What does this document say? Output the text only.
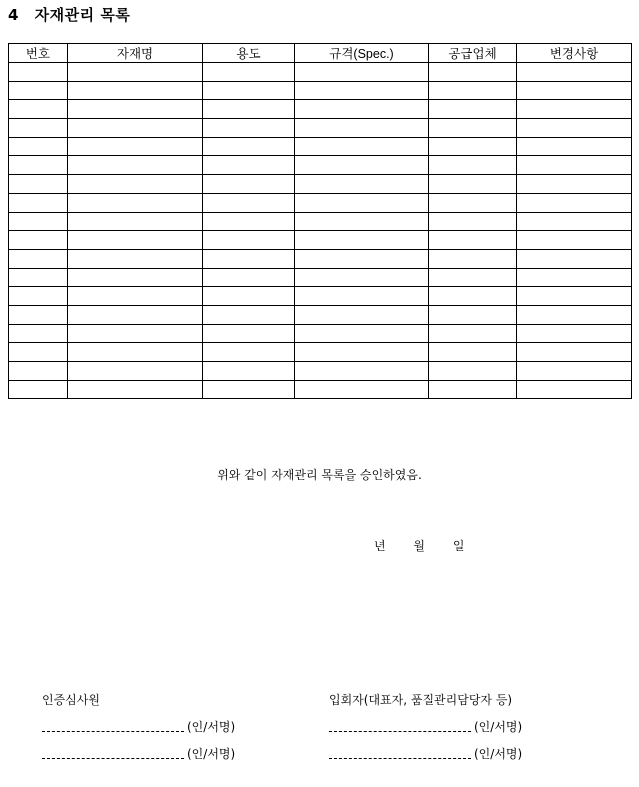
4 자재관리 목록
번호	자재명	용도	규격(Spec.)	공급업체	변경사항

위와 같이 자재관리 목록을 승인하였음.
년 월 일
인증심사원
(인/서명)
(인/서명)
입회자(대표자, 품질관리담당자 등)
(인/서명)
(인/서명)
